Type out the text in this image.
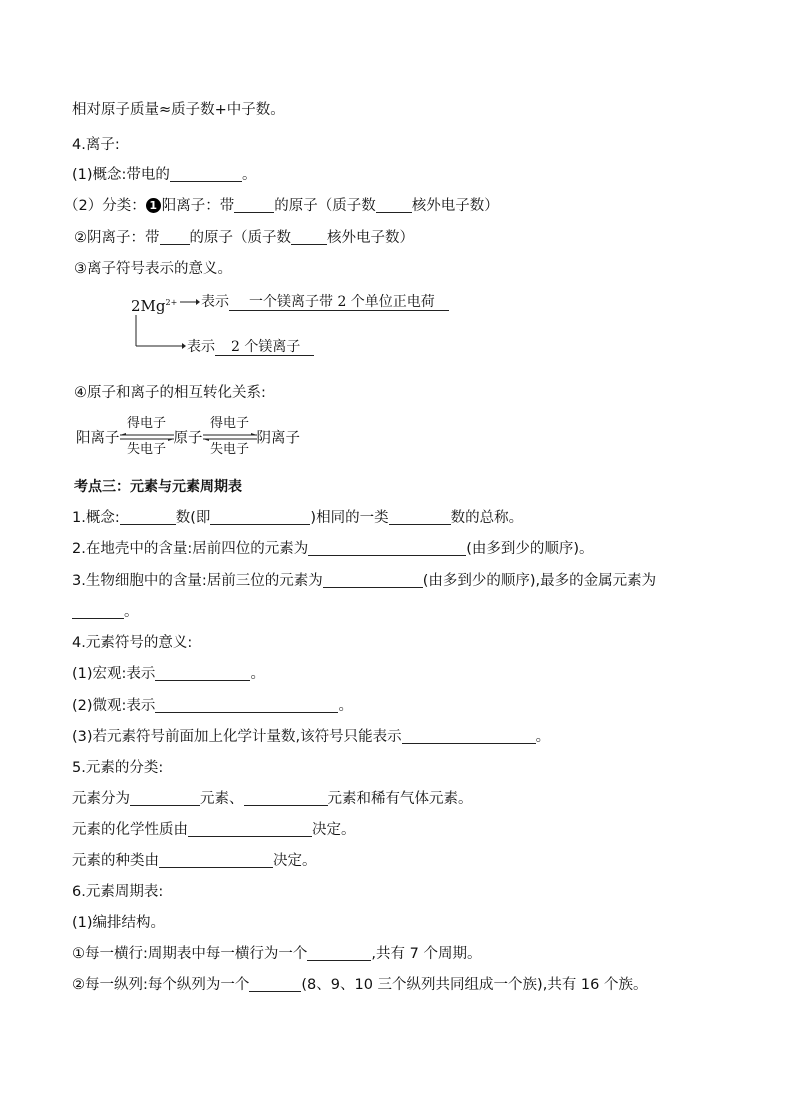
相对原子质量≈质子数+中子数。
4.离子:
(1)概念:带电的	。
（2）分类： 1 阳离子：带	的原子（质子数 核外电子数）
②阴离子：带 的原子（质子数 核外电子数）
③离子符号表示的意义。
$2Mg^{2+}$ 表示 一个镁离子带 2 个单位正电荷
表示 2 个镁离子
④原子和离子的相互转化关系:
阳离子
得电子
失电子
原子
得电子
失电子
阴离子
考点三：元素与元素周期表
1.概念:	数(即	)相同的一类	数的总称。
2.在地壳中的含量:居前四位的元素为	(由多到少的顺序)。
3.生物细胞中的含量:居前三位的元素为	(由多到少的顺序),最多的金属元素为
。
4.元素符号的意义:
(1)宏观:表示	。
(2)微观:表示	。
(3)若元素符号前面加上化学计量数,该符号只能表示	。
5.元素的分类:
元素分为	元素、	元素和稀有气体元素。
元素的化学性质由	决定。
元素的种类由	决定。
6.元素周期表:
(1)编排结构。
①每一横行:周期表中每一横行为一个	,共有 7 个周期。
②每一纵列:每个纵列为一个	(8、9、10 三个纵列共同组成一个族),共有 16 个族。
